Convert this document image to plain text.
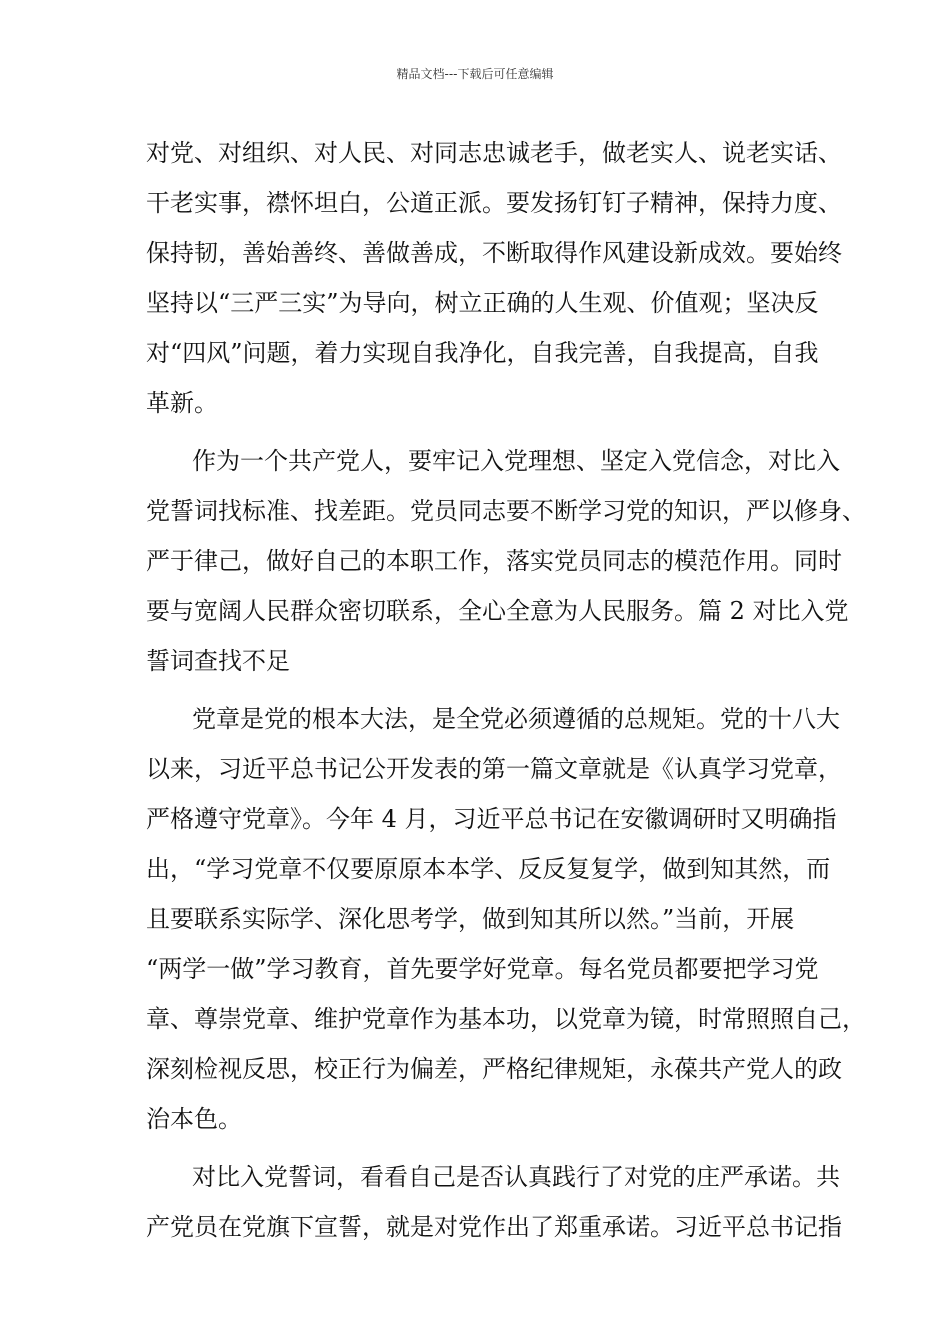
精品文档---下载后可任意编辑
对党、对组织、对人民、对同志忠诚老手，做老实人、说老实话、
干老实事，襟怀坦白，公道正派。要发扬钉钉子精神，保持力度、
保持韧，善始善终、善做善成，不断取得作风建设新成效。要始终
坚持以“三严三实”为导向，树立正确的人生观、价值观；坚决反
对“四风”问题，着力实现自我净化，自我完善，自我提高，自我
革新。
作为一个共产党人，要牢记入党理想、坚定入党信念，对比入
党誓词找标准、找差距。党员同志要不断学习党的知识，严以修身、
严于律己，做好自己的本职工作，落实党员同志的模范作用。同时
要与宽阔人民群众密切联系，全心全意为人民服务。篇 2 对比入党
誓词查找不足
党章是党的根本大法，是全党必须遵循的总规矩。党的十八大
以来，习近平总书记公开发表的第一篇文章就是《认真学习党章，
严格遵守党章》。今年 4 月，习近平总书记在安徽调研时又明确指
出，“学习党章不仅要原原本本学、反反复复学，做到知其然，而
且要联系实际学、深化思考学，做到知其所以然。”当前，开展
“两学一做”学习教育，首先要学好党章。每名党员都要把学习党
章、尊崇党章、维护党章作为基本功，以党章为镜，时常照照自己，
深刻检视反思，校正行为偏差，严格纪律规矩，永葆共产党人的政
治本色。
对比入党誓词，看看自己是否认真践行了对党的庄严承诺。共
产党员在党旗下宣誓，就是对党作出了郑重承诺。习近平总书记指
